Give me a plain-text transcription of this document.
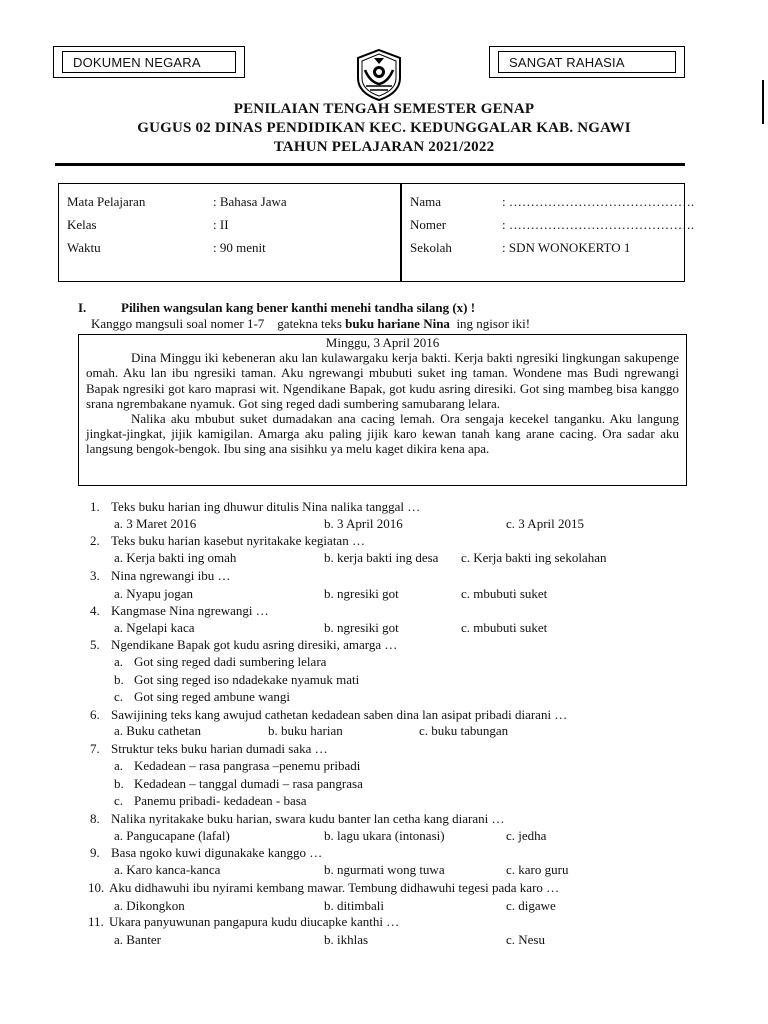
DOKUMEN NEGARA	SANGAT RAHASIA
PENILAIAN TENGAH SEMESTER GENAP
GUGUS 02 DINAS PENDIDIKAN KEC. KEDUNGGALAR KAB. NGAWI
TAHUN PELAJARAN 2021/2022
Mata Pelajaran	: Bahasa Jawa
Kelas	: II
Waktu	: 90 menit
Nama	: …………………………………….
Nomer	: …………………………………….
Sekolah	: SDN WONOKERTO 1
I.	Pilihen wangsulan kang bener kanthi menehi tandha silang (x) !
Kanggo mangsuli soal nomer 1-7    gatekna teks buku hariane Nina  ing ngisor iki!
Minggu, 3 April 2016

Dina Minggu iki kebeneran aku lan kulawargaku kerja bakti. Kerja bakti ngresiki lingkungan sakupenge omah. Aku lan ibu ngresiki taman. Aku ngrewangi mbubuti suket ing taman. Wondene mas Budi ngrewangi Bapak ngresiki got karo maprasi wit. Ngendikane Bapak, got kudu asring diresiki. Got sing mambeg bisa kanggo srana ngrembakane nyamuk. Got sing reged dadi sumbering samubarang lelara.

Nalika aku mbubut suket dumadakan ana cacing lemah. Ora sengaja kecekel tanganku. Aku langung jingkat-jingkat, jijik kamigilan. Amarga aku paling jijik karo kewan tanah kang arane cacing. Ora sadar aku langsung bengok-bengok. Ibu sing ana sisihku ya melu kaget dikira kena apa.

1. Teks buku harian ing dhuwur ditulis Nina nalika tanggal …
a. 3 Maret 2016	b. 3 April 2016	c. 3 April 2015
2. Teks buku harian kasebut nyritakake kegiatan …
a. Kerja bakti ing omah	b. kerja bakti ing desa c. Kerja bakti ing sekolahan
3. Nina ngrewangi ibu …
a. Nyapu jogan	b. ngresiki got	c. mbubuti suket
4. Kangmase Nina ngrewangi …
a. Ngelapi kaca	b. ngresiki got	c. mbubuti suket
5. Ngendikane Bapak got kudu asring diresiki, amarga …
a. Got sing reged dadi sumbering lelara
b. Got sing reged iso ndadekake nyamuk mati
c. Got sing reged ambune wangi
6. Sawijining teks kang awujud cathetan kedadean saben dina lan asipat pribadi diarani …
a. Buku cathetan	b. buku harian	c. buku tabungan
7. Struktur teks buku harian dumadi saka …
a. Kedadean – rasa pangrasa –penemu pribadi
b. Kedadean – tanggal dumadi – rasa pangrasa
c. Panemu pribadi- kedadean - basa
8. Nalika nyritakake buku harian, swara kudu banter lan cetha kang diarani …
a. Pangucapane (lafal)	b. lagu ukara (intonasi)	c. jedha
9. Basa ngoko kuwi digunakake kanggo …
a. Karo kanca-kanca	b. ngurmati wong tuwa	c. karo guru
10. Aku didhawuhi ibu nyirami kembang mawar. Tembung didhawuhi tegesi pada karo …
a. Dikongkon	b. ditimbali	c. digawe
11. Ukara panyuwunan pangapura kudu diucapke kanthi …
a. Banter	b. ikhlas	c. Nesu
